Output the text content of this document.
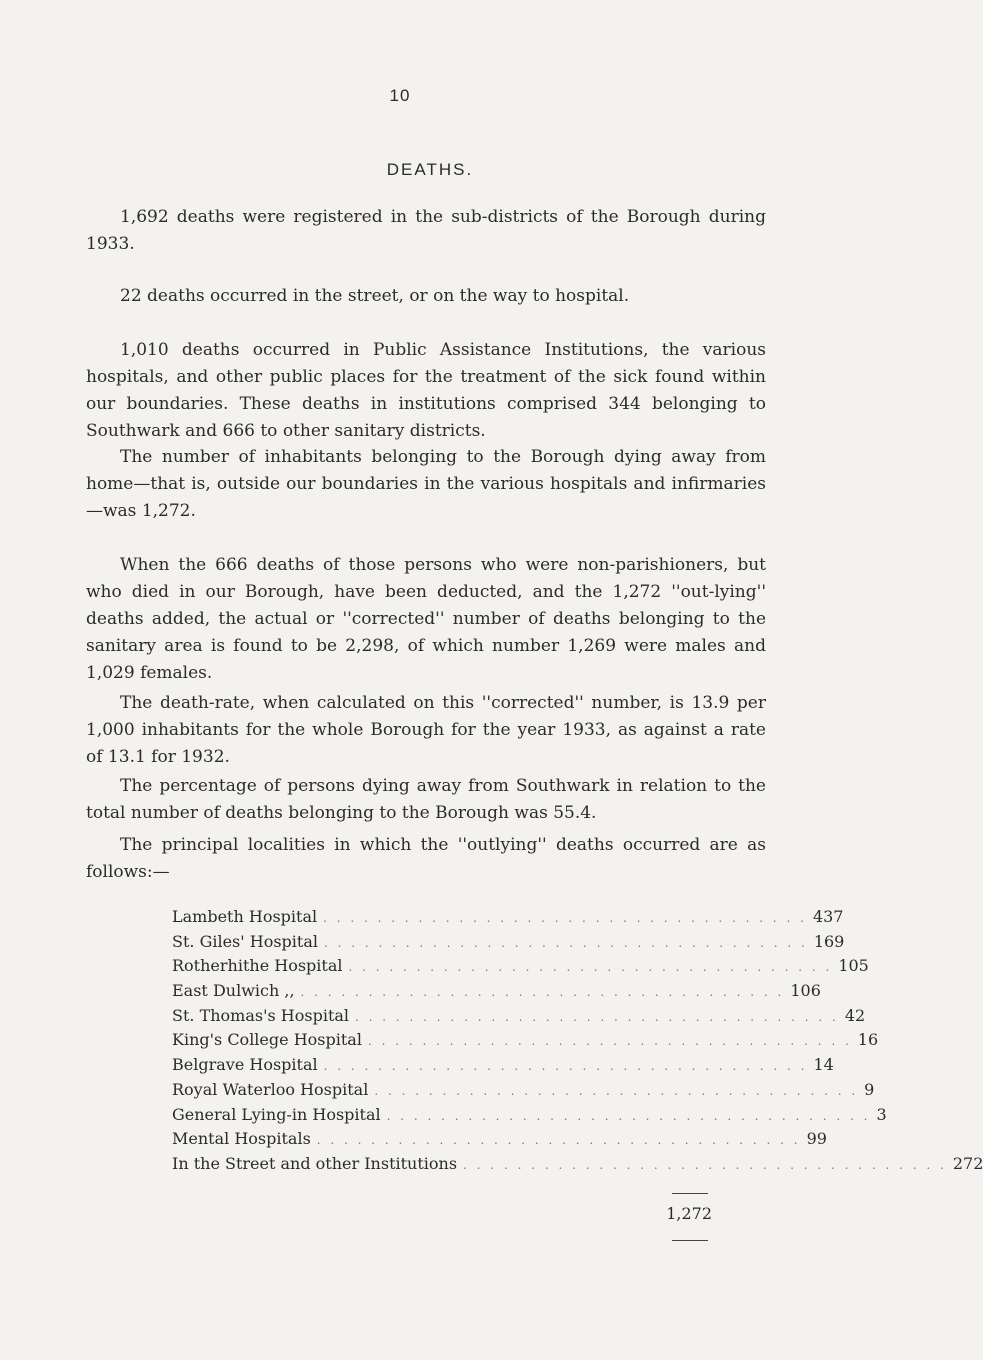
10
DEATHS.

1,692 deaths were registered in the sub-districts of the Borough during 1933.

22 deaths occurred in the street, or on the way to hospital.

1,010 deaths occurred in Public Assistance Institutions, the various hospitals, and other public places for the treatment of the sick found within our boundaries. These deaths in institutions comprised 344 belonging to Southwark and 666 to other sanitary districts.

The number of inhabitants belonging to the Borough dying away from home—that is, outside our boundaries in the various hospitals and infirmaries—was 1,272.

When the 666 deaths of those persons who were non-parishioners, but who died in our Borough, have been deducted, and the 1,272 ''out-lying'' deaths added, the actual or ''corrected'' number of deaths belonging to the sanitary area is found to be 2,298, of which number 1,269 were males and 1,029 females.

The death-rate, when calculated on this ''corrected'' number, is 13.9 per 1,000 inhabitants for the whole Borough for the year 1933, as against a rate of 13.1 for 1932.

The percentage of persons dying away from Southwark in relation to the total number of deaths belonging to the Borough was 55.4.

The principal localities in which the ''outlying'' deaths occurred are as follows:—

Lambeth Hospital . . . . . . . . . . . . . . . . . . . . . . . . . . . . . . . . . . . . 437
St. Giles' Hospital . . . . . . . . . . . . . . . . . . . . . . . . . . . . . . . . . . . . 169
Rotherhithe Hospital . . . . . . . . . . . . . . . . . . . . . . . . . . . . . . . . . . . . 105
East Dulwich ,, . . . . . . . . . . . . . . . . . . . . . . . . . . . . . . . . . . . . 106
St. Thomas's Hospital . . . . . . . . . . . . . . . . . . . . . . . . . . . . . . . . . . . . 42
King's College Hospital . . . . . . . . . . . . . . . . . . . . . . . . . . . . . . . . . . . . 16
Belgrave Hospital . . . . . . . . . . . . . . . . . . . . . . . . . . . . . . . . . . . . 14
Royal Waterloo Hospital . . . . . . . . . . . . . . . . . . . . . . . . . . . . . . . . . . . . 9
General Lying-in Hospital . . . . . . . . . . . . . . . . . . . . . . . . . . . . . . . . . . . . 3
Mental Hospitals . . . . . . . . . . . . . . . . . . . . . . . . . . . . . . . . . . . . 99
In the Street and other Institutions . . . . . . . . . . . . . . . . . . . . . . . . . . . . . . . . . . . . 272
1,272
